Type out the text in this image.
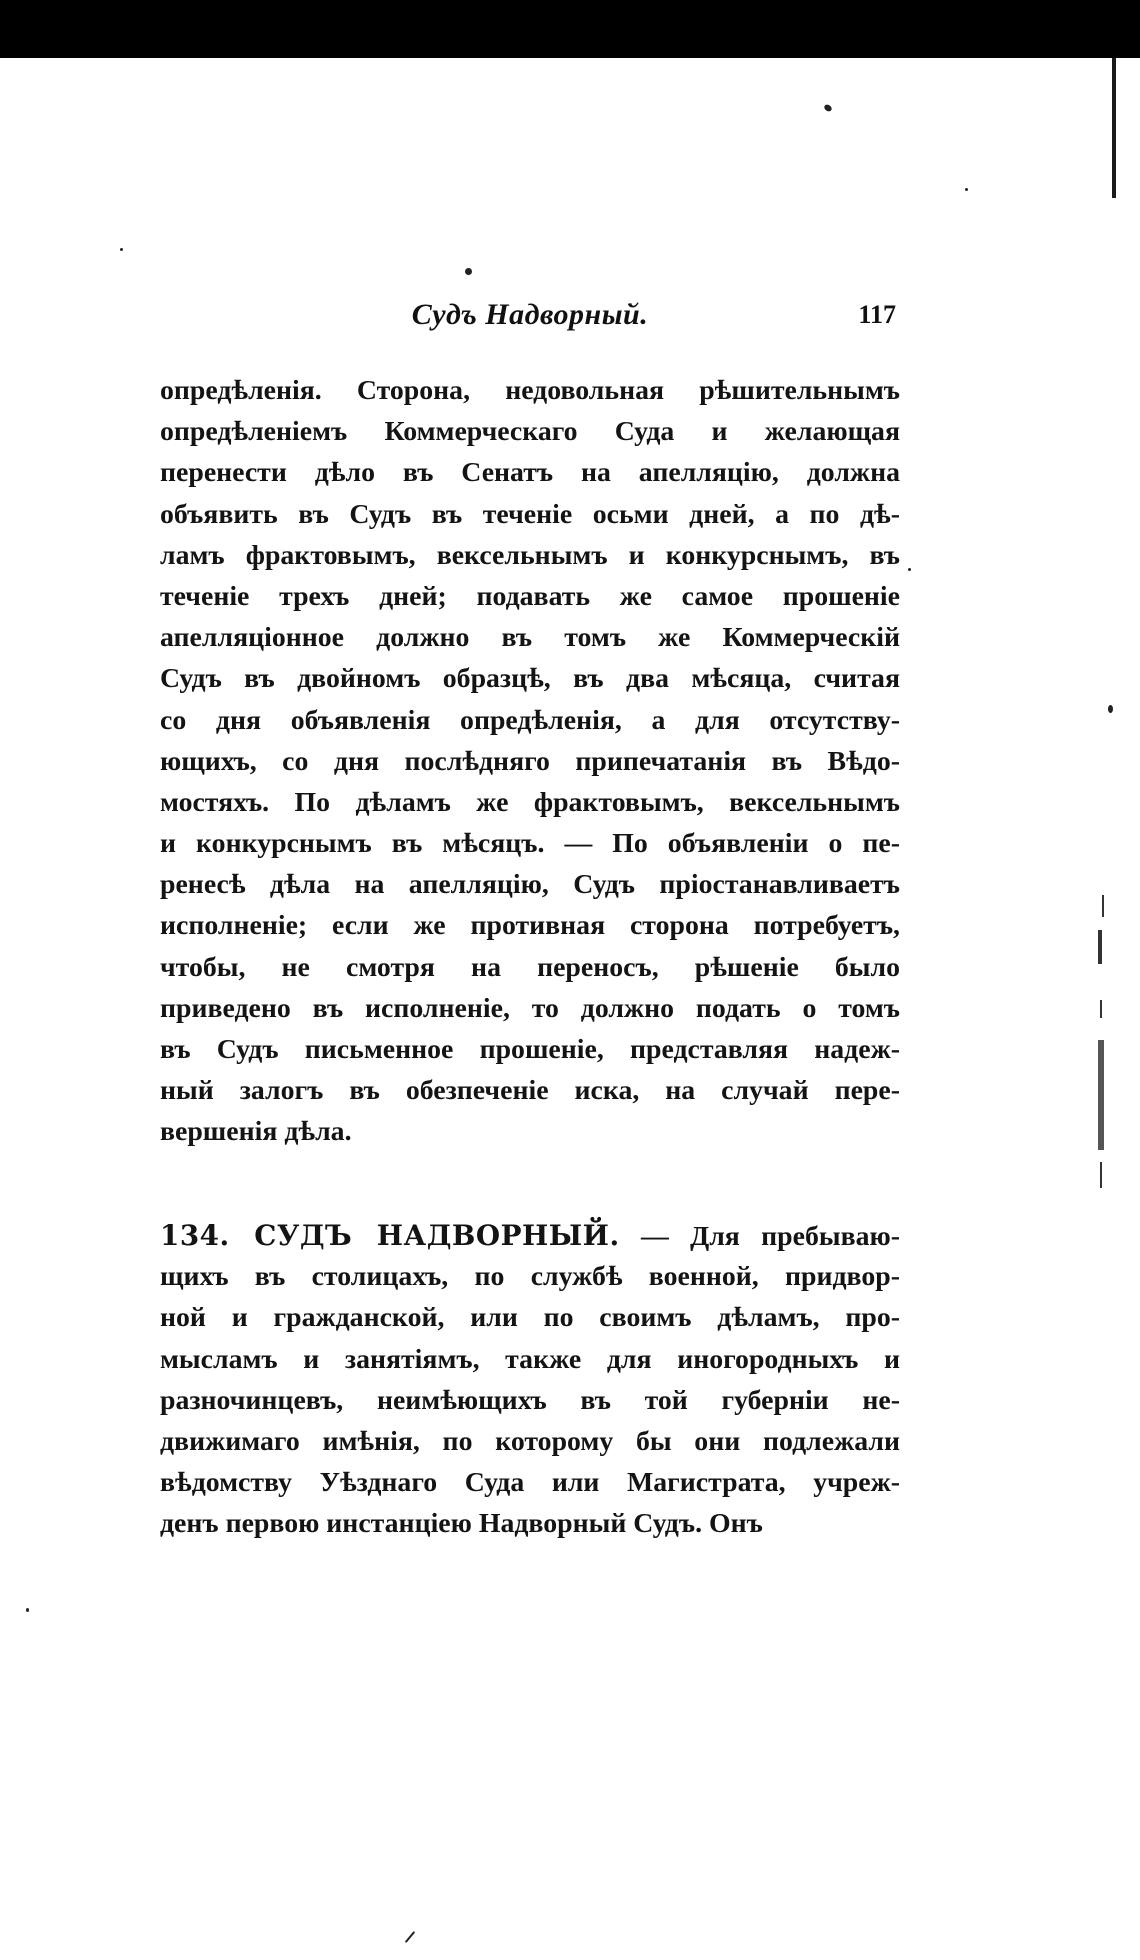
Судъ Надворный.	117
опредѣленія. Сторона, недовольная рѣшительнымъ
опредѣленіемъ Коммерческаго Суда и желающая
перенести дѣло въ Сенатъ на апелляцію, должна
объявить въ Судъ въ теченіе осьми дней, а по дѣ-
ламъ фрактовымъ, вексельнымъ и конкурснымъ, въ
теченіе трехъ дней; подавать же самое прошеніе
апелляціонное должно въ томъ же Коммерческій
Судъ въ двойномъ образцѣ, въ два мѣсяца, считая
со дня объявленія опредѣленія, а для отсутству-
ющихъ, со дня послѣдняго припечатанія въ Вѣдо-
мостяхъ. По дѣламъ же фрактовымъ, вексельнымъ
и конкурснымъ въ мѣсяцъ. — По объявленіи о пе-
ренесѣ дѣла на апелляцію, Судъ пріостанавливаетъ
исполненіе; если же противная сторона потребуетъ,
чтобы, не смотря на переносъ, рѣшеніе было
приведено въ исполненіе, то должно подать о томъ
въ Судъ письменное прошеніе, представляя надеж-
ный залогъ въ обезпеченіе иска, на случай пере-
вершенія дѣла.
134. СУДЪ НАДВОРНЫЙ. — Для пребываю-
щихъ въ столицахъ, по службѣ военной, придвор-
ной и гражданской, или по своимъ дѣламъ, про-
мысламъ и занятіямъ, также для иногородныхъ и
разночинцевъ, неимѣющихъ въ той губерніи не-
движимаго имѣнія, по которому бы они подлежали
вѣдомству Уѣзднаго Суда или Магистрата, учреж-
денъ первою инстанціею Надворный Судъ. Онъ
